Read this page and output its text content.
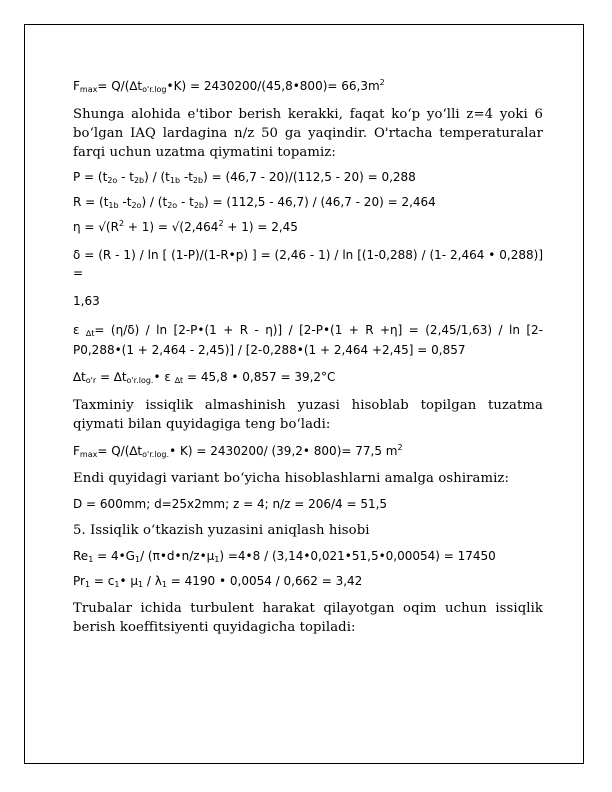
$F_{max}=$ $Q/(\Delta t_{o'r.log}•K)$ = 2430200/(45,8•800)= $66,3m^2$

Shunga alohida e'tibor berish kerakki, faqat ko‘p yo‘lli z=4 yoki 6 bo‘lgan IAQ lardagina n/z 50 ga yaqindir. O'rtacha temperaturalar farqi uchun uzatma qiymatini topamiz:

$P = (t_{2o} - t_{2b}) / (t_{1b}$ $-t_{2b}) = (46,7 - 20)/(112,5 - 20) = 0,288$

$R = (t_{1b}$ $-t_{2o}) / (t_{2o} - t_{2b}) = (112,5 - 46,7) / (46,7 - 20) = 2,464$

$\eta = √(R^2 + 1) = √(2,464^2 + 1) = 2,45$

δ = (R - 1) / ln [ (1-P)/(1-R•p) ] = (2,46 - 1) / ln [(1-0,288) / (1- 2,464 • 0,288)] =

1,63

ε $_{\Delta t}$= (η/δ) / ln [2-P•(1 + R - η)] / [2-P•(1 + R +η] = (2,45/1,63) / ln [2-P0,288•(1 + 2,464 - 2,45)] / [2-0,288•(1 + 2,464 +2,45] = 0,857

$\Delta t_{o'r}$ = $\Delta t_{o'r.log.}•$ ε $_{\Delta t}$ = 45,8 • 0,857 = 39,2°C

Taxminiy issiqlik almashinish yuzasi hisoblab topilgan tuzatma qiymati bilan quyidagiga teng bo‘ladi:

$F_{max}=$ $Q/(\Delta t_{o'r.log.}•$ K) = 2430200/ (39,2• 800)= 77,5 $m^2$

Endi quyidagi variant bo‘yicha hisoblashlarni amalga oshiramiz:

D = 600mm; d=25x2mm; z = 4; n/z = 206/4 = 51,5

5. Issiqlik o‘tkazish yuzasini aniqlash hisobi

$Re_1$ = $4•G_1/$ $(\pi•d•n/z•\mu_1)$ =4•8 / (3,14•0,021•51,5•0,00054) = 17450

$Pr_1$ = $c_1•$ $\mu_1 / \lambda_1 = 4190$ • 0,0054 / 0,662 = 3,42

Trubalar ichida turbulent harakat qilayotgan oqim uchun issiqlik berish koeffitsiyenti quyidagicha topiladi:
